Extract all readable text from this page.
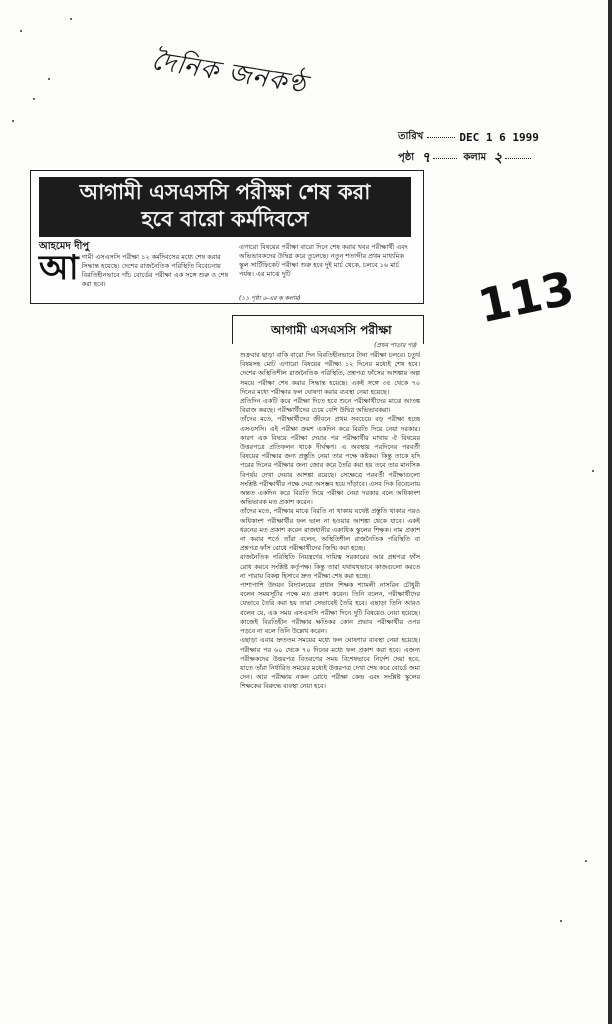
দৈনিক জনকণ্ঠ
113
তারিখ	DEC 1 6 1999
পৃষ্ঠা ৭	কলাম ২
আগামী এসএসসি পরীক্ষা শেষ করা
হবে বারো কর্মদিবসে
আহমেদ দীপু
আ গামী এসএসসি পরীক্ষা ১২ কর্মদিবসের মধ্যে শেষ করার সিদ্ধান্ত হয়েছে। দেশের রাজনৈতিক পরিস্থিতি বিবেচনায় বিরতিহীনভাবে পাঁচ বোর্ডের পরীক্ষা এক সঙ্গে শুরু ও শেষ করা হবে।
এগারো বিষয়ের পরীক্ষা বারো দিনে শেষ করার খবর পরীক্ষার্থী এবং অভিভাবকদের উদ্বিগ্ন করে তুলেছে। নতুন শতাব্দীর প্রথম মাধ্যমিক স্কুল সার্টিফিকেট পরীক্ষা শুরু হবে দুই মার্চ থেকে, চলবে ১৬ মার্চ পর্যন্ত। এর মাঝে দুটি
(১১ পৃষ্ঠা ৬-এর ক কলাম)
আগামী এসএসসি পরীক্ষা
(প্রথম পাতার পর)

শুক্রবার ছাড়া বাকি বারো দিন বিরতিহীনভাবে টানা পরীক্ষা চলবে। চতুর্থ বিষয়সহ মোট এগারো বিষয়ের পরীক্ষা ১২ দিনের মধ্যেই শেষ হবে। দেশের অস্থিতিশীল রাজনৈতিক পরিস্থিতি, প্রশ্নপত্র ফাঁসের আশঙ্কায় অল্প সময়ে পরীক্ষা শেষ করার সিদ্ধান্ত হয়েছে। একই সঙ্গে ৩৫ থেকে ৭০ দিনের মধ্যে পরীক্ষার ফল ঘোষণা করার ব্যবস্থা নেয়া হয়েছে।

প্রতিদিন একটি করে পরীক্ষা দিতে হবে শুনে পরীক্ষার্থীদের মাঝে আতঙ্ক বিরাজ করছে। পরীক্ষার্থীদের চেয়ে বেশি উদ্বিগ্ন অভিভাবকরা।

তাঁদের মতে, পরীক্ষার্থীদের জীবনে প্রথম সবচেয়ে বড় পরীক্ষা হচ্ছে এসএসসি। এই পরীক্ষা ক্রমশ একদিন করে বিরতি দিয়ে নেয়া দরকার। কারণ এক বিষয়ে পরীক্ষা দেয়ার পর পরীক্ষার্থীর মাথায় ঐ বিষয়ের উত্তরপত্রে প্রতিফলন থাকে দীর্ঘক্ষণ। এ অবস্থায় পরদিনের পরবর্তী বিষয়ের পরীক্ষার জন্য প্রস্তুতি নেয়া তার পক্ষে কষ্টকর। কিন্তু তাকে যদি পরের দিনের পরীক্ষার জন্য জোর করে তৈরি করা হয় তবে তার মানসিক বিপর্যয় দেখা দেয়ার আশঙ্কা রয়েছে। সেক্ষেত্রে পরবর্তী পরীক্ষাগুলো সংশ্লিষ্ট পরীক্ষার্থীর পক্ষে দেয়া অসম্ভব হয়ে দাঁড়াবে। এসব দিক বিবেচনায় অন্তত একদিন করে বিরতি দিয়ে পরীক্ষা নেয়া দরকার বলে অধিকাংশ অভিভাবক মত প্রকাশ করেন।

তাঁদের মতে, পরীক্ষার মাঝে বিরতি না থাকায় যথেষ্ট প্রস্তুতি থাকার পরও অধিকাংশ পরীক্ষার্থীর ফল ভাল না হওয়ার আশঙ্কা থেকে যাবে। একই ধরনের মত প্রকাশ করেন রাজধানীর একাধিক স্কুলের শিক্ষক। নাম প্রকাশ না করার শর্তে তাঁরা বলেন, অস্থিতিশীল রাজনৈতিক পরিস্থিতি বা প্রশ্নপত্র ফাঁস রোধে পরীক্ষার্থীদের জিম্মি করা হচ্ছে।

রাজনৈতিক পরিস্থিতি নিয়ন্ত্রণের দায়িত্ব সরকারের আর প্রশ্নপত্র ফাঁস রোধ করবে সংশ্লিষ্ট কর্তৃপক্ষ। কিন্তু তারা যথাযথভাবে কাজগুলো করতে না পারায় বিকল্প হিসাবে দ্রুত পরীক্ষা শেষ করা হচ্ছে।

পাশাপাশি উদয়ন বিদ্যালয়ের প্রধান শিক্ষক শ্যামলী নাসরিন চৌধুরী বলেন সময়সূচীর পক্ষে মত প্রকাশ করেন। তিনি বলেন, পরীক্ষার্থীদের যেভাবে তৈরি করা হয় তারা সেভাবেই তৈরি হবে। এছাড়া তিনি আরও বলেন যে, এক সময় এসএসসি পরীক্ষা দিনে দুটি বিষয়েও নেয়া হয়েছে। কাজেই বিরতিহীন পরীক্ষার ক্ষতিকর কোন প্রভাব পরীক্ষার্থীর ওপর পড়বে না বলে তিনি উল্লেখ করেন।

এছাড়া এবার দ্রুততম সময়ের মধ্যে ফল ঘোষণার ব্যবস্থা নেয়া হয়েছে। পরীক্ষার পর ৬০ থেকে ৭০ দিনের মধ্যে ফল প্রকাশ করা হবে। এজন্য পরীক্ষকদের উত্তরপত্র বিতরণের সময় বিশেষভাবে নির্দেশ দেয়া হবে, যাতে তাঁরা নির্ধারিত সময়ের মধ্যেই উত্তরপত্র দেখা শেষ করে বোর্ডে জমা দেন। আর পরীক্ষায় নকল রোধে পরীক্ষা কেন্দ্র এবং সংশ্লিষ্ট স্কুলের শিক্ষকের বিরুদ্ধে ব্যবস্থা নেয়া হবে।
